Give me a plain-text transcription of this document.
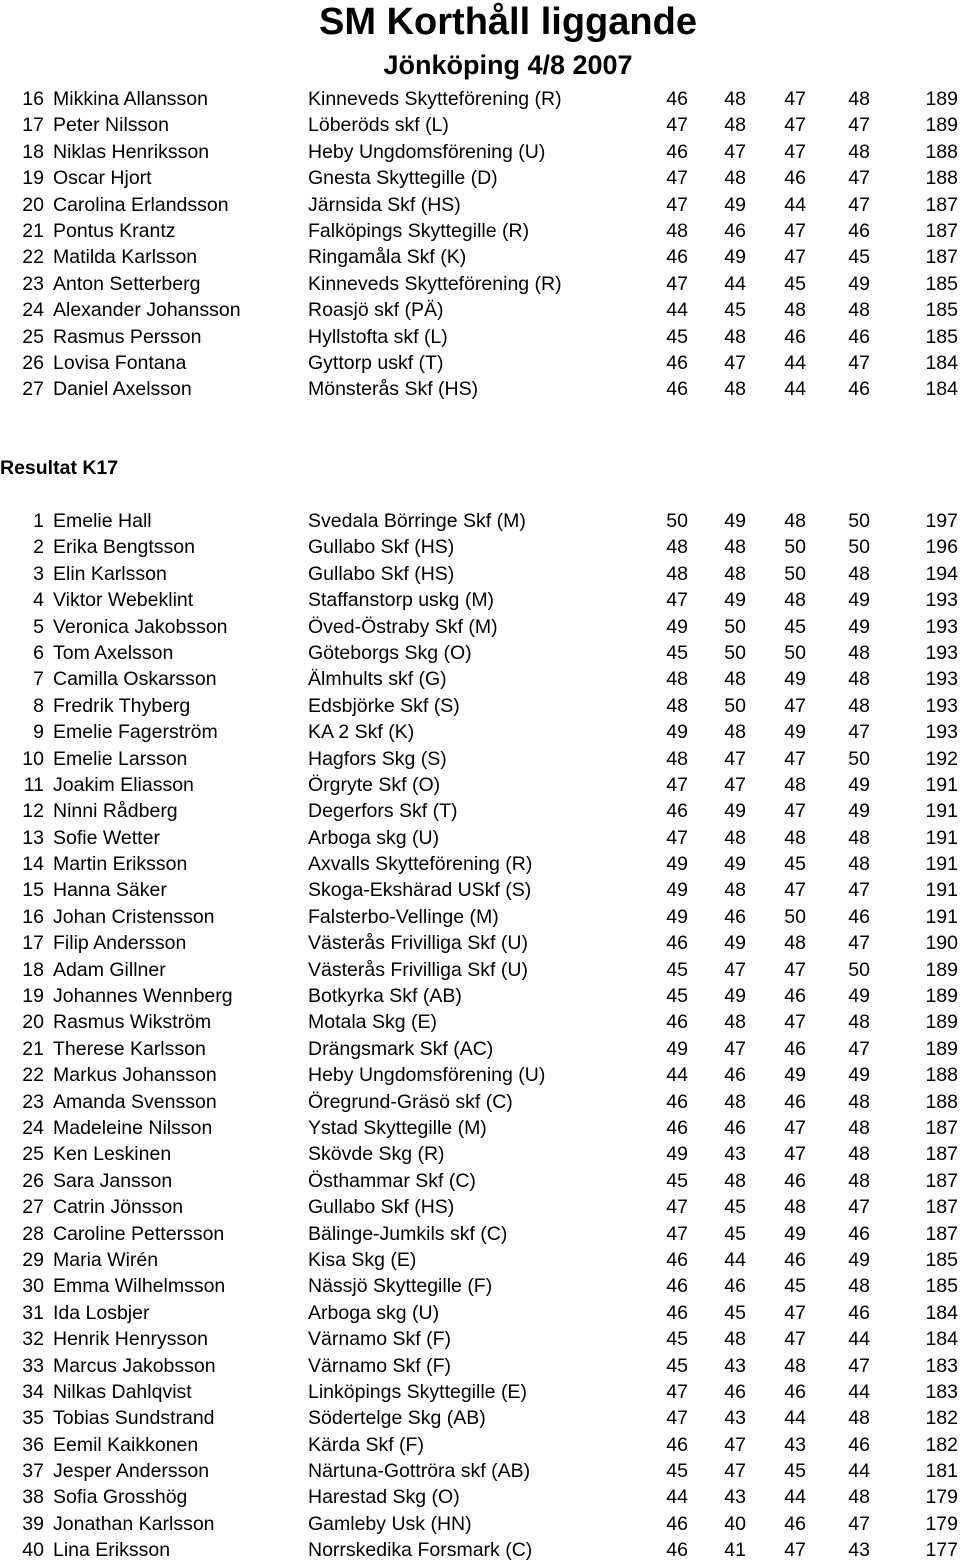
SM Korthåll liggande
Jönköping 4/8 2007
16 Mikkina Allansson	Kinneveds Skytteförening (R)	46	48	47	48	189
17 Peter Nilsson	Löberöds skf (L)	47	48	47	47	189
18 Niklas Henriksson	Heby Ungdomsförening (U)	46	47	47	48	188
19 Oscar Hjort	Gnesta Skyttegille (D)	47	48	46	47	188
20 Carolina Erlandsson	Järnsida Skf (HS)	47	49	44	47	187
21 Pontus Krantz	Falköpings Skyttegille (R)	48	46	47	46	187
22 Matilda Karlsson	Ringamåla Skf (K)	46	49	47	45	187
23 Anton Setterberg	Kinneveds Skytteförening (R)	47	44	45	49	185
24 Alexander Johansson	Roasjö skf (PÄ)	44	45	48	48	185
25 Rasmus Persson	Hyllstofta skf (L)	45	48	46	46	185
26 Lovisa Fontana	Gyttorp uskf (T)	46	47	44	47	184
27 Daniel Axelsson	Mönsterås Skf (HS)	46	48	44	46	184
Resultat K17
1 Emelie Hall	Svedala Börringe Skf (M)	50	49	48	50	197
2 Erika Bengtsson	Gullabo Skf (HS)	48	48	50	50	196
3 Elin Karlsson	Gullabo Skf (HS)	48	48	50	48	194
4 Viktor Webeklint	Staffanstorp uskg (M)	47	49	48	49	193
5 Veronica Jakobsson	Öved-Östraby Skf (M)	49	50	45	49	193
6 Tom Axelsson	Göteborgs Skg (O)	45	50	50	48	193
7 Camilla Oskarsson	Älmhults skf (G)	48	48	49	48	193
8 Fredrik Thyberg	Edsbjörke Skf (S)	48	50	47	48	193
9 Emelie Fagerström	KA 2 Skf (K)	49	48	49	47	193
10 Emelie Larsson	Hagfors Skg (S)	48	47	47	50	192
11 Joakim Eliasson	Örgryte Skf (O)	47	47	48	49	191
12 Ninni Rådberg	Degerfors Skf (T)	46	49	47	49	191
13 Sofie Wetter	Arboga skg (U)	47	48	48	48	191
14 Martin Eriksson	Axvalls Skytteförening (R)	49	49	45	48	191
15 Hanna Säker	Skoga-Ekshärad USkf (S)	49	48	47	47	191
16 Johan Cristensson	Falsterbo-Vellinge (M)	49	46	50	46	191
17 Filip Andersson	Västerås Frivilliga Skf (U)	46	49	48	47	190
18 Adam Gillner	Västerås Frivilliga Skf (U)	45	47	47	50	189
19 Johannes Wennberg	Botkyrka Skf (AB)	45	49	46	49	189
20 Rasmus Wikström	Motala Skg (E)	46	48	47	48	189
21 Therese Karlsson	Drängsmark Skf (AC)	49	47	46	47	189
22 Markus Johansson	Heby Ungdomsförening (U)	44	46	49	49	188
23 Amanda Svensson	Öregrund-Gräsö skf (C)	46	48	46	48	188
24 Madeleine Nilsson	Ystad Skyttegille (M)	46	46	47	48	187
25 Ken Leskinen	Skövde Skg (R)	49	43	47	48	187
26 Sara Jansson	Östhammar Skf (C)	45	48	46	48	187
27 Catrin Jönsson	Gullabo Skf (HS)	47	45	48	47	187
28 Caroline Pettersson	Bälinge-Jumkils skf (C)	47	45	49	46	187
29 Maria Wirén	Kisa Skg (E)	46	44	46	49	185
30 Emma Wilhelmsson	Nässjö Skyttegille (F)	46	46	45	48	185
31 Ida Losbjer	Arboga skg (U)	46	45	47	46	184
32 Henrik Henrysson	Värnamo Skf (F)	45	48	47	44	184
33 Marcus Jakobsson	Värnamo Skf (F)	45	43	48	47	183
34 Nilkas Dahlqvist	Linköpings Skyttegille (E)	47	46	46	44	183
35 Tobias Sundstrand	Södertelge Skg (AB)	47	43	44	48	182
36 Eemil Kaikkonen	Kärda Skf (F)	46	47	43	46	182
37 Jesper Andersson	Närtuna-Gottröra skf (AB)	45	47	45	44	181
38 Sofia Grosshög	Harestad Skg (O)	44	43	44	48	179
39 Jonathan Karlsson	Gamleby Usk (HN)	46	40	46	47	179
40 Lina Eriksson	Norrskedika Forsmark (C)	46	41	47	43	177
